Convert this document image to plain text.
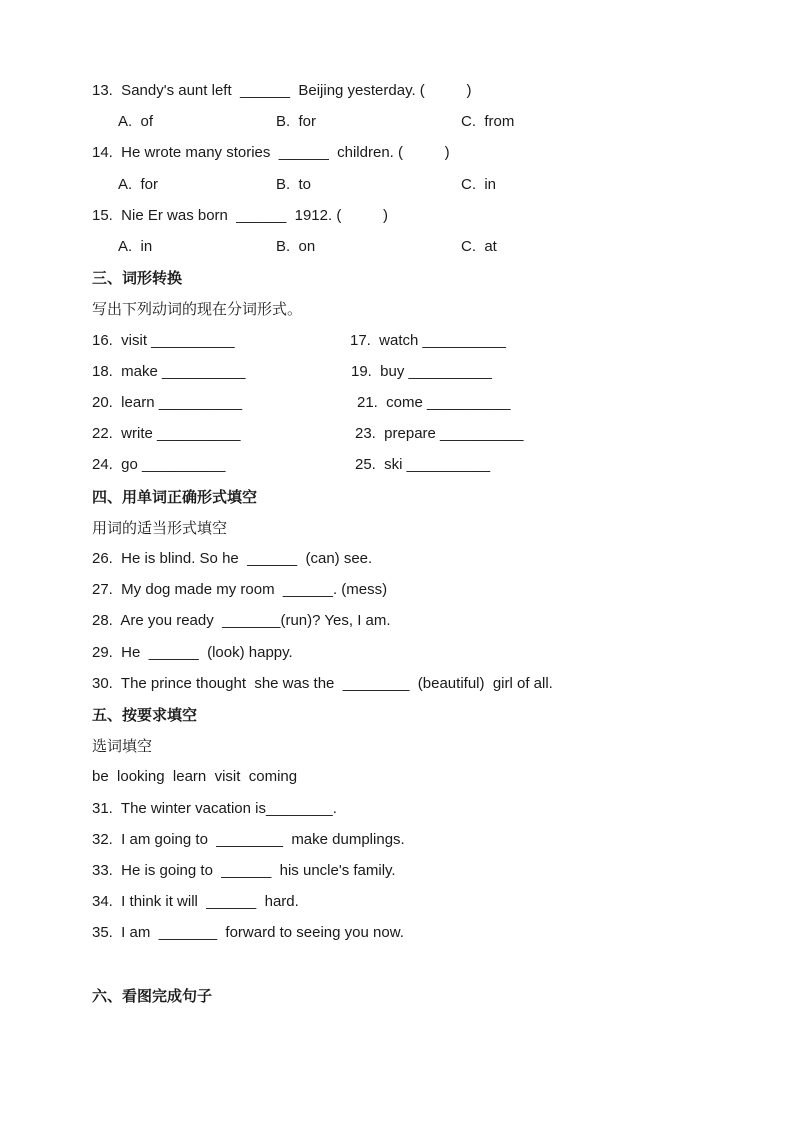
13.  Sandy's aunt left  ______  Beijing yesterday. (          )
A.  of	B.  for	C.  from
14.  He wrote many stories  ______  children. (          )
A.  for	B.  to	C.  in
15.  Nie Er was born  ______  1912. (          )
A.  in	B.  on	C.  at
三、词形转换
写出下列动词的现在分词形式。
16.  visit __________	17.  watch __________
18.  make __________	19.  buy __________
20.  learn __________	21.  come __________
22.  write __________	23.  prepare __________
24.  go __________	25.  ski __________
四、用单词正确形式填空
用词的适当形式填空
26.  He is blind. So he  ______  (can) see.
27.  My dog made my room  ______. (mess)
28.  Are you ready  _______(run)? Yes, I am.
29.  He  ______  (look) happy.
30.  The prince thought  she was the  ________  (beautiful)  girl of all.
五、按要求填空
选词填空
be  looking  learn  visit  coming
31.  The winter vacation is________.
32.  I am going to  ________  make dumplings.
33.  He is going to  ______  his uncle's family.
34.  I think it will  ______  hard.
35.  I am  _______  forward to seeing you now.
六、看图完成句子
